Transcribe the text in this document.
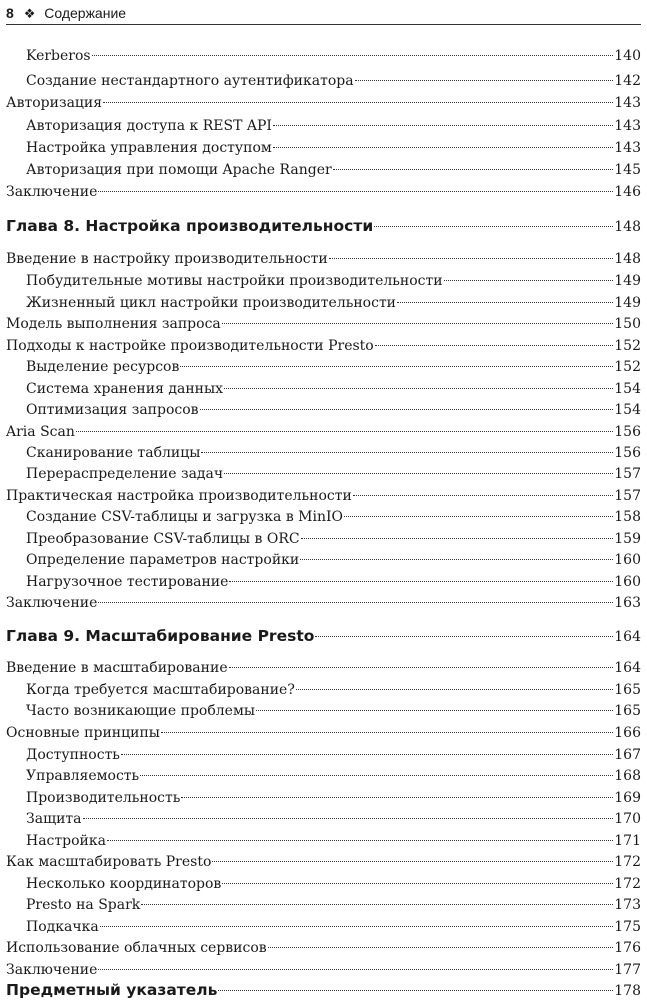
8 ❖ Содержание
Kerberos	140
Создание нестандартного аутентификатора	142
Авторизация	143
Авторизация доступа к REST API	143
Настройка управления доступом	143
Авторизация при помощи Apache Ranger	145
Заключение	146
Глава 8. Настройка производительности	148
Введение в настройку производительности	148
Побудительные мотивы настройки производительности	149
Жизненный цикл настройки производительности	149
Модель выполнения запроса	150
Подходы к настройке производительности Presto	152
Выделение ресурсов	152
Система хранения данных	154
Оптимизация запросов	154
Aria Scan	156
Сканирование таблицы	156
Перераспределение задач	157
Практическая настройка производительности	157
Создание CSV-таблицы и загрузка в MinIO	158
Преобразование CSV-таблицы в ORC	159
Определение параметров настройки	160
Нагрузочное тестирование	160
Заключение	163
Глава 9. Масштабирование Presto	164
Введение в масштабирование	164
Когда требуется масштабирование?	165
Часто возникающие проблемы	165
Основные принципы	166
Доступность	167
Управляемость	168
Производительность	169
Защита	170
Настройка	171
Как масштабировать Presto	172
Несколько координаторов	172
Presto на Spark	173
Подкачка	175
Использование облачных сервисов	176
Заключение	177
Предметный указатель	178
